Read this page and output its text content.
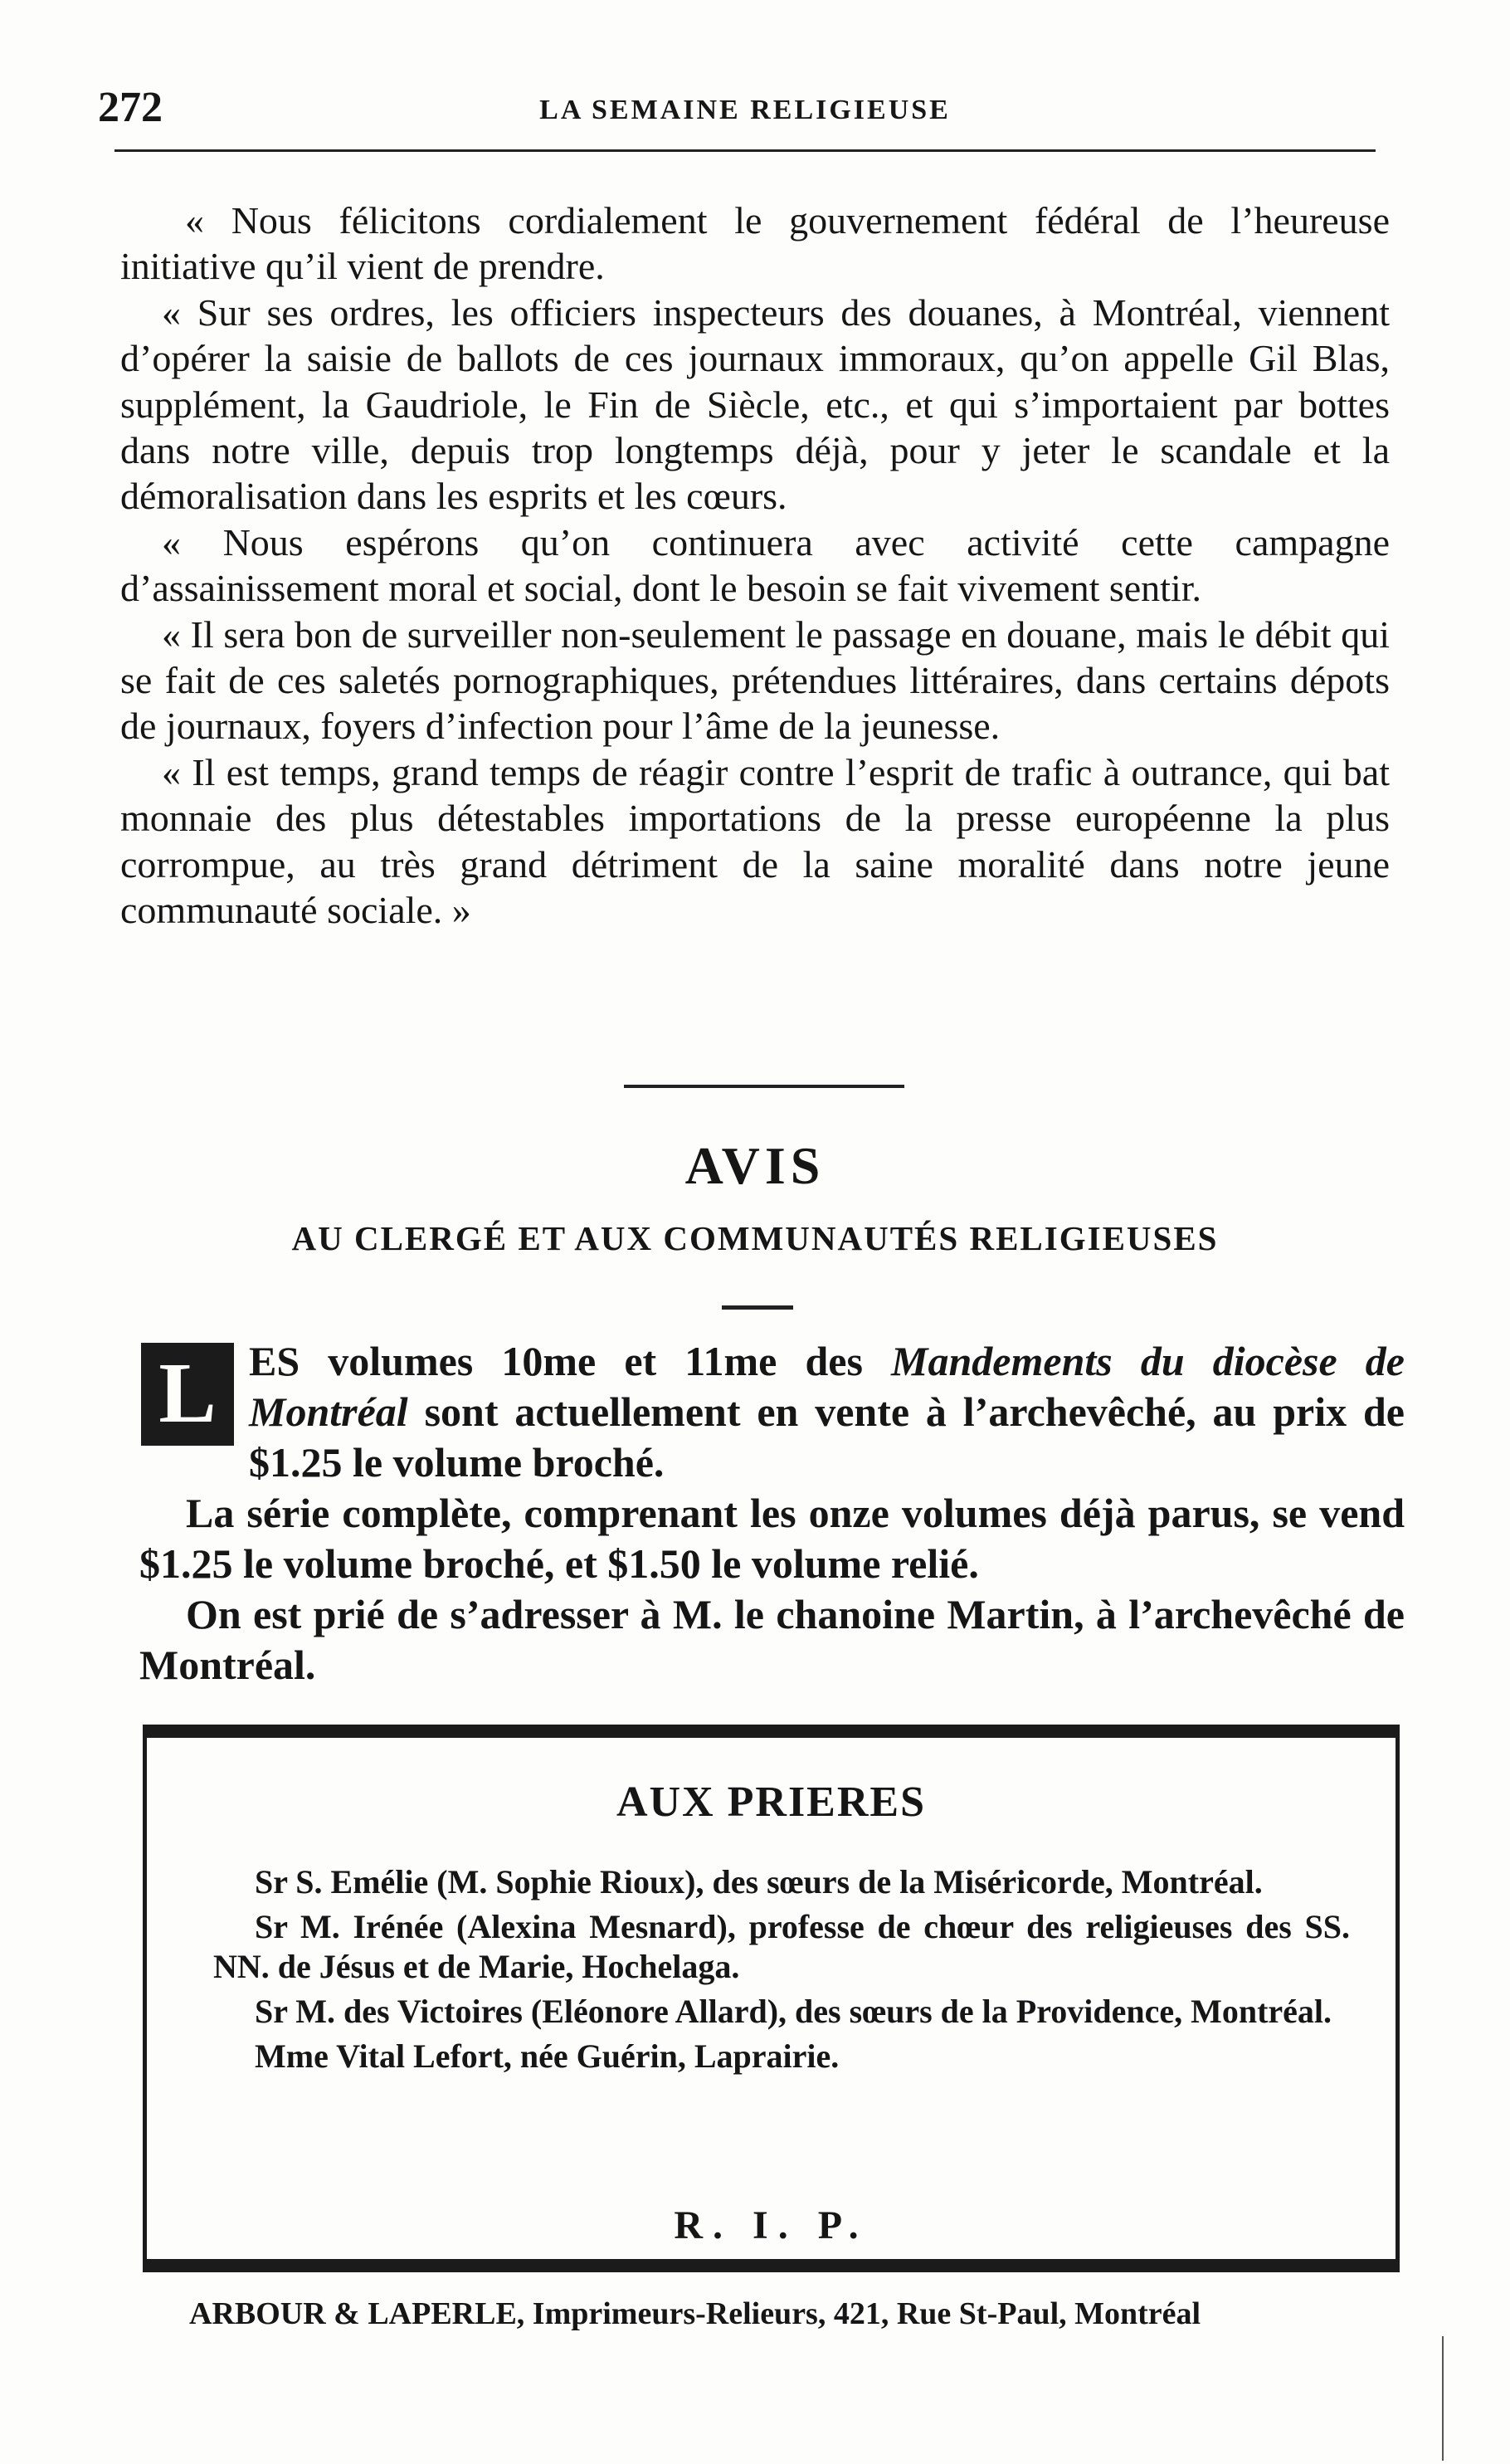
272	LA SEMAINE RELIGIEUSE

« Nous félicitons cordialement le gouvernement fédéral de l’heureuse initiative qu’il vient de prendre.

« Sur ses ordres, les officiers inspecteurs des douanes, à Montréal, viennent d’opérer la saisie de ballots de ces journaux immoraux, qu’on appelle Gil Blas, supplément, la Gaudriole, le Fin de Siècle, etc., et qui s’importaient par bottes dans notre ville, depuis trop longtemps déjà, pour y jeter le scandale et la démoralisation dans les esprits et les cœurs.

« Nous espérons qu’on continuera avec activité cette campagne d’assainissement moral et social, dont le besoin se fait vivement sentir.

« Il sera bon de surveiller non-seulement le passage en douane, mais le débit qui se fait de ces saletés pornographiques, prétendues littéraires, dans certains dépots de journaux, foyers d’infection pour l’âme de la jeunesse.

« Il est temps, grand temps de réagir contre l’esprit de trafic à outrance, qui bat monnaie des plus détestables importations de la presse européenne la plus corrompue, au très grand détriment de la saine moralité dans notre jeune communauté sociale. »

AVIS
AU CLERGÉ ET AUX COMMUNAUTÉS RELIGIEUSES

L ES volumes 10me et 11me des Mandements du diocèse de Montréal sont actuellement en vente à l’archevêché, au prix de $1.25 le volume broché.

La série complète, comprenant les onze volumes déjà parus, se vend $1.25 le volume broché, et $1.50 le volume relié.

On est prié de s’adresser à M. le chanoine Martin, à l’archevêché de Montréal.

AUX PRIERES

Sr S. Emélie (M. Sophie Rioux), des sœurs de la Miséricorde, Montréal.

Sr M. Irénée (Alexina Mesnard), professe de chœur des religieuses des SS. NN. de Jésus et de Marie, Hochelaga.

Sr M. des Victoires (Eléonore Allard), des sœurs de la Providence, Montréal.

Mme Vital Lefort, née Guérin, Laprairie.

R. I. P.
ARBOUR & LAPERLE, Imprimeurs-Relieurs, 421, Rue St-Paul, Montréal
